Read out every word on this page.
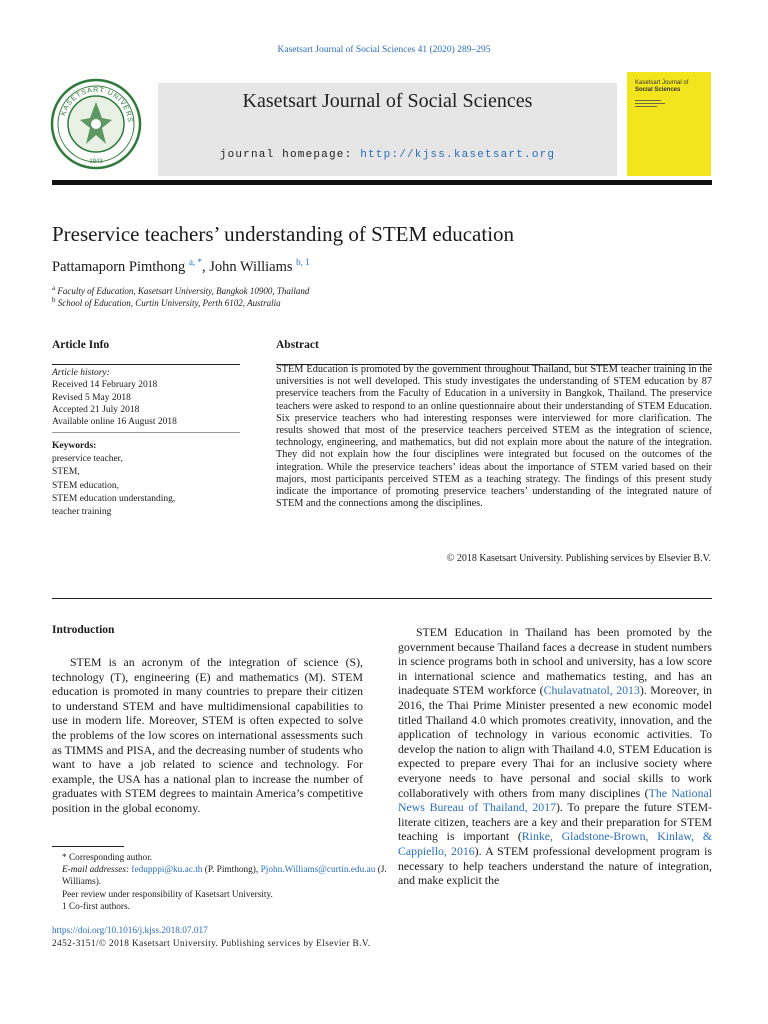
Kasetsart Journal of Social Sciences 41 (2020) 289–295
KASETSART UNIVERS
1943
Kasetsart Journal of Social Sciences
journal homepage: http://kjss.kasetsart.org
Kasetsart Journal of
Social Sciences
Preservice teachers’ understanding of STEM education
Pattamaporn Pimthong $^{a, *}$, John Williams $^{b, 1}$
$^a$ Faculty of Education, Kasetsart University, Bangkok 10900, Thailand
$^b$ School of Education, Curtin University, Perth 6102, Australia
Article Info	Abstract
Article history:
Received 14 February 2018
Revised 5 May 2018
Accepted 21 July 2018
Available online 16 August 2018
Keywords:
preservice teacher,
STEM,
STEM education,
STEM education understanding,
teacher training
STEM Education is promoted by the government throughout Thailand, but STEM teacher training in the universities is not well developed. This study investigates the understanding of STEM education by 87 preservice teachers from the Faculty of Education in a university in Bangkok, Thailand. The preservice teachers were asked to respond to an online questionnaire about their understanding of STEM Education. Six preservice teachers who had interesting responses were interviewed for more clarification. The results showed that most of the preservice teachers perceived STEM as the integration of science, technology, engineering, and mathematics, but did not explain more about the nature of the integration. They did not explain how the four disciplines were integrated but focused on the outcomes of the integration. While the preservice teachers’ ideas about the importance of STEM varied based on their majors, most participants perceived STEM as a teaching strategy. The findings of this present study indicate the importance of promoting preservice teachers’ understanding of the integrated nature of STEM and the connections among the disciplines.
© 2018 Kasetsart University. Publishing services by Elsevier B.V.
Introduction

STEM is an acronym of the integration of science (S), technology (T), engineering (E) and mathematics (M). STEM education is promoted in many countries to prepare their citizen to understand STEM and have multidimensional capabilities to use in modern life. Moreover, STEM is often expected to solve the problems of the low scores on international assessments such as TIMMS and PISA, and the decreasing number of students who want to have a job related to science and technology. For example, the USA has a national plan to increase the number of graduates with STEM degrees to maintain America’s competitive position in the global economy.

STEM Education in Thailand has been promoted by the government because Thailand faces a decrease in student numbers in science programs both in school and university, has a low score in international science and mathematics testing, and has an inadequate STEM workforce (Chulavatnatol, 2013). Moreover, in 2016, the Thai Prime Minister presented a new economic model titled Thailand 4.0 which promotes creativity, innovation, and the application of technology in various economic activities. To develop the nation to align with Thailand 4.0, STEM Education is expected to prepare every Thai for an inclusive society where everyone needs to have personal and social skills to work collaboratively with others from many disciplines (The National News Bureau of Thailand, 2017). To prepare the future STEM-literate citizen, teachers are a key and their preparation for STEM teaching is important (Rinke, Gladstone-Brown, Kinlaw, & Cappiello, 2016). A STEM professional development program is necessary to help teachers understand the nature of integration, and make explicit the

* Corresponding author.

E-mail addresses: fedupppi@ku.ac.th (P. Pimthong), Pjohn.Williams@curtin.edu.au (J. Williams).

Peer review under responsibility of Kasetsart University.

1 Co-first authors.

https://doi.org/10.1016/j.kjss.2018.07.017
2452-3151/© 2018 Kasetsart University. Publishing services by Elsevier B.V.
